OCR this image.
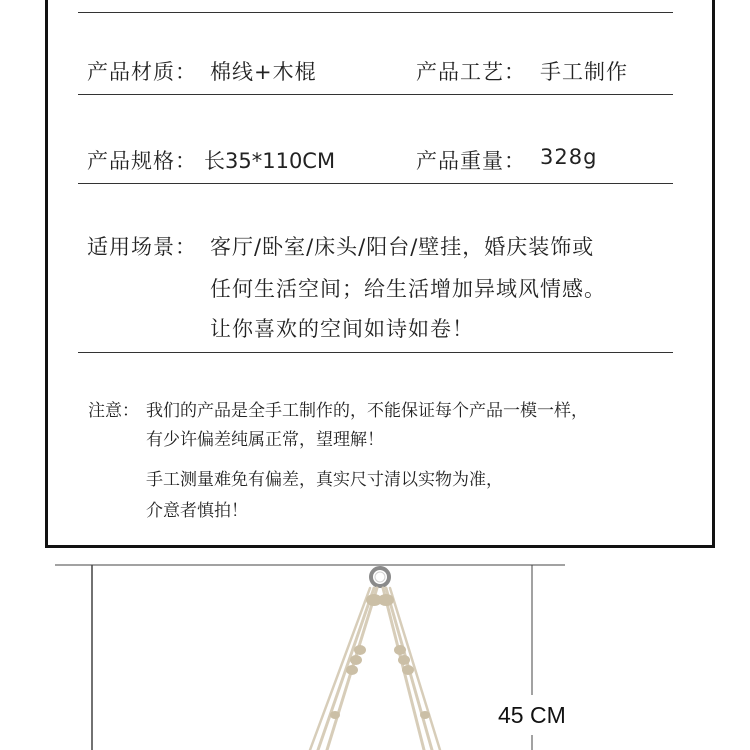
产品材质： 棉线+木棍	产品工艺： 手工制作
产品规格： 长35*110CM	产品重量： 328g
适用场景： 客厅/卧室/床头/阳台/壁挂，婚庆装饰或
任何生活空间；给生活增加异域风情感。
让你喜欢的空间如诗如卷！
注意： 我们的产品是全手工制作的，不能保证每个产品一模一样，
有少许偏差纯属正常，望理解！
手工测量难免有偏差，真实尺寸清以实物为准，
介意者慎拍！
45 CM
